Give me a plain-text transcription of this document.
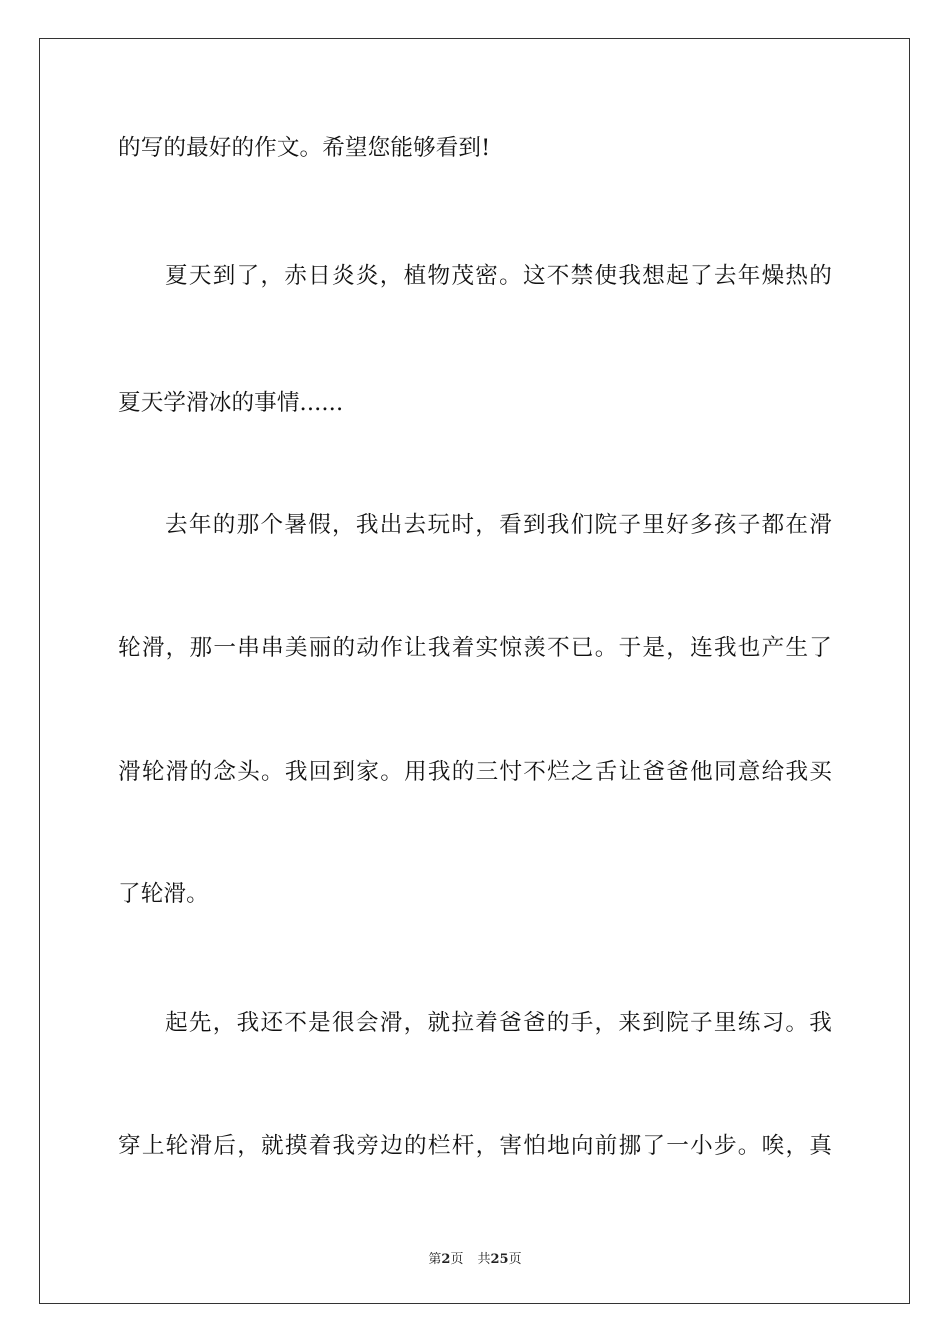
的写的最好的作文。希望您能够看到!
夏天到了，赤日炎炎，植物茂密。这不禁使我想起了去年燥热的
夏天学滑冰的事情......
去年的那个暑假，我出去玩时，看到我们院子里好多孩子都在滑
轮滑，那一串串美丽的动作让我着实惊羡不已。于是，连我也产生了
滑轮滑的念头。我回到家。用我的三忖不烂之舌让爸爸他同意给我买
了轮滑。
起先，我还不是很会滑，就拉着爸爸的手，来到院子里练习。我
穿上轮滑后，就摸着我旁边的栏杆，害怕地向前挪了一小步。唉，真
第2页 共25页
